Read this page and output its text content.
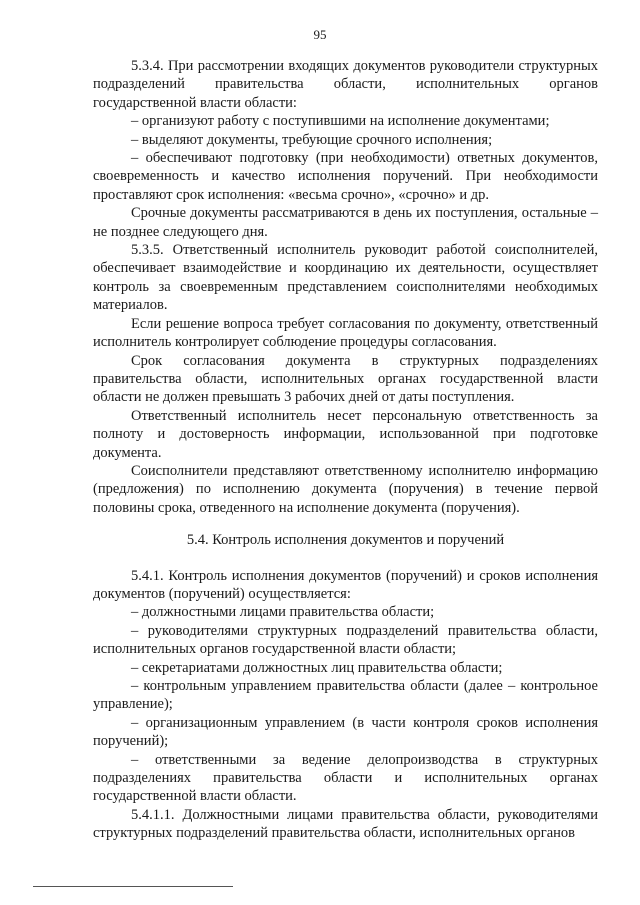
95

5.3.4. При рассмотрении входящих документов руководители структурных подразделений правительства области, исполнительных органов государственной власти области:

– организуют работу с поступившими на исполнение документами;

– выделяют документы, требующие срочного исполнения;

– обеспечивают подготовку (при необходимости) ответных документов, своевременность и качество исполнения поручений. При необходимости проставляют срок исполнения: «весьма срочно», «срочно» и др.

Срочные документы рассматриваются в день их поступления, остальные – не позднее следующего дня.

5.3.5. Ответственный исполнитель руководит работой соисполнителей, обеспечивает взаимодействие и координацию их деятельности, осуществляет контроль за своевременным представлением соисполнителями необходимых материалов.

Если решение вопроса требует согласования по документу, ответственный исполнитель контролирует соблюдение процедуры согласования.

Срок согласования документа в структурных подразделениях правительства области, исполнительных органах государственной власти области не должен превышать 3 рабочих дней от даты поступления.

Ответственный исполнитель несет персональную ответственность за полноту и достоверность информации, использованной при подготовке документа.

Соисполнители представляют ответственному исполнителю информацию (предложения) по исполнению документа (поручения) в течение первой половины срока, отведенного на исполнение документа (поручения).

5.4. Контроль исполнения документов и поручений

5.4.1. Контроль исполнения документов (поручений) и сроков исполнения документов (поручений) осуществляется:

– должностными лицами правительства области;

– руководителями структурных подразделений правительства области, исполнительных органов государственной власти области;

– секретариатами должностных лиц правительства области;

– контрольным управлением правительства области (далее – контрольное управление);

– организационным управлением (в части контроля сроков исполнения поручений);

– ответственными за ведение делопроизводства в структурных подразделениях правительства области и исполнительных органах государственной власти области.

5.4.1.1. Должностными лицами правительства области, руководителями структурных подразделений правительства области, исполнительных органов
